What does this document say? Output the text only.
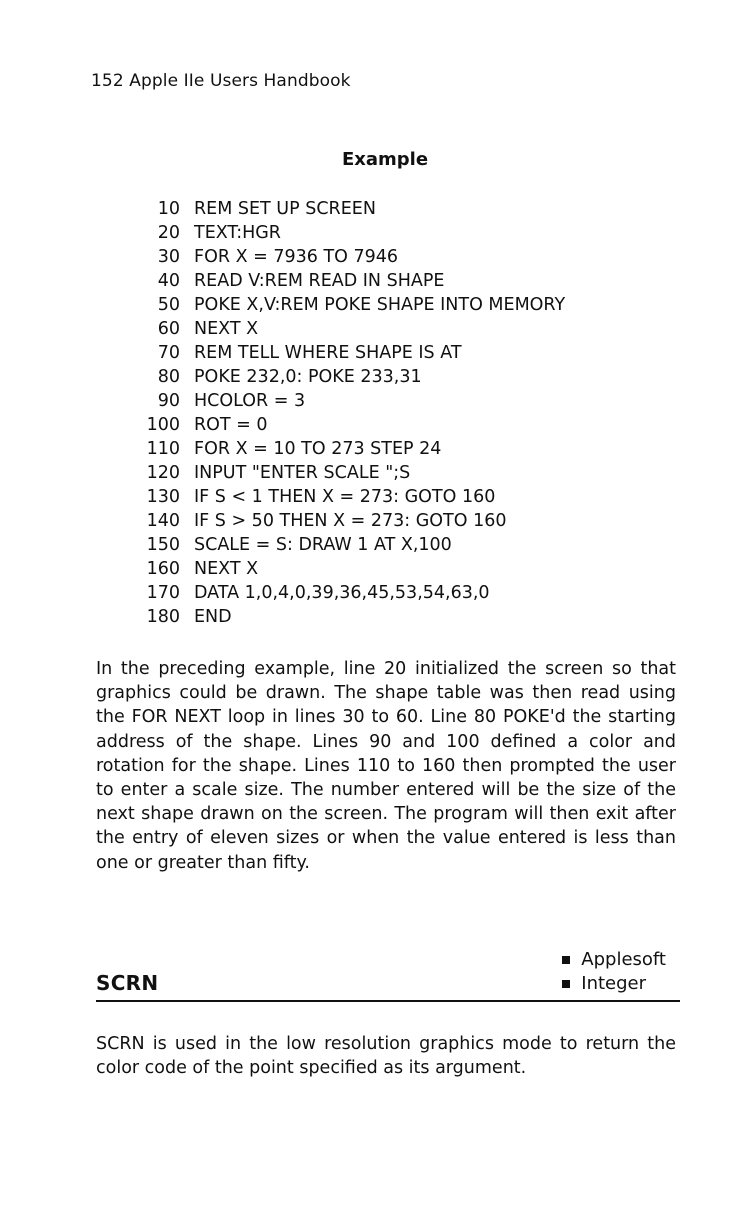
152 Apple IIe Users Handbook
Example
10 REM SET UP SCREEN
20 TEXT:HGR
30 FOR X = 7936 TO 7946
40 READ V:REM READ IN SHAPE
50 POKE X,V:REM POKE SHAPE INTO MEMORY
60 NEXT X
70 REM TELL WHERE SHAPE IS AT
80 POKE 232,0: POKE 233,31
90 HCOLOR = 3
100 ROT = 0
110 FOR X = 10 TO 273 STEP 24
120 INPUT "ENTER SCALE ";S
130 IF S < 1 THEN X = 273: GOTO 160
140 IF S > 50 THEN X = 273: GOTO 160
150 SCALE = S: DRAW 1 AT X,100
160 NEXT X
170 DATA 1,0,4,0,39,36,45,53,54,63,0
180 END

In the preceding example, line 20 initialized the screen so that graphics could be drawn. The shape table was then read using the FOR NEXT loop in lines 30 to 60. Line 80 POKE'd the starting address of the shape. Lines 90 and 100 defined a color and rotation for the shape. Lines 110 to 160 then prompted the user to enter a scale size. The number entered will be the size of the next shape drawn on the screen. The program will then exit after the entry of eleven sizes or when the value entered is less than one or greater than fifty.

SCRN
Applesoft
Integer

SCRN is used in the low resolution graphics mode to return the color code of the point specified as its argument.
